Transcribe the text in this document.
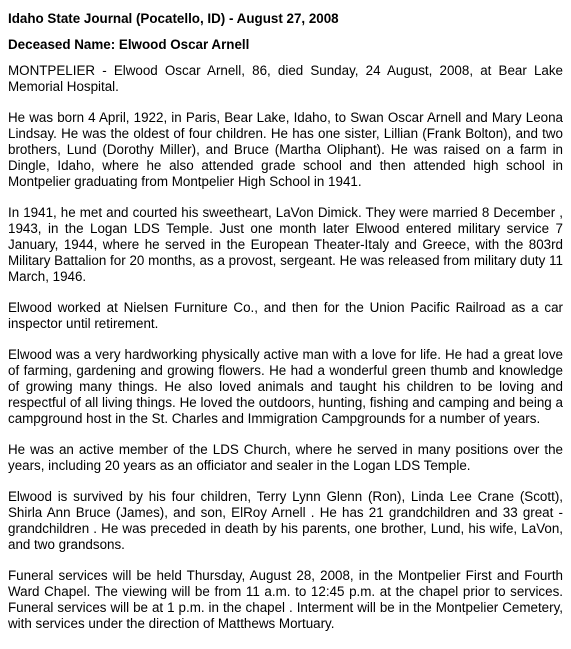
Idaho State Journal (Pocatello, ID) - August 27, 2008
Deceased Name: Elwood Oscar Arnell
MONTPELIER - Elwood Oscar Arnell, 86, died Sunday, 24 August, 2008, at Bear Lake Memorial Hospital.
He was born 4 April, 1922, in Paris, Bear Lake, Idaho, to Swan Oscar Arnell and Mary Leona Lindsay. He was the oldest of four children. He has one sister, Lillian (Frank Bolton), and two brothers, Lund (Dorothy Miller), and Bruce (Martha Oliphant). He was raised on a farm in Dingle, Idaho, where he also attended grade school and then attended high school in Montpelier graduating from Montpelier High School in 1941.
In 1941, he met and courted his sweetheart, LaVon Dimick. They were married 8 December , 1943, in the Logan LDS Temple. Just one month later Elwood entered military service 7 January, 1944, where he served in the European Theater-Italy and Greece, with the 803rd Military Battalion for 20 months, as a provost, sergeant. He was released from military duty 11 March, 1946.
Elwood worked at Nielsen Furniture Co., and then for the Union Pacific Railroad as a car inspector until retirement.
Elwood was a very hardworking physically active man with a love for life. He had a great love of farming, gardening and growing flowers. He had a wonderful green thumb and knowledge of growing many things. He also loved animals and taught his children to be loving and respectful of all living things. He loved the outdoors, hunting, fishing and camping and being a campground host in the St. Charles and Immigration Campgrounds for a number of years.
He was an active member of the LDS Church, where he served in many positions over the years, including 20 years as an officiator and sealer in the Logan LDS Temple.
Elwood is survived by his four children, Terry Lynn Glenn (Ron), Linda Lee Crane (Scott), Shirla Ann Bruce (James), and son, ElRoy Arnell . He has 21 grandchildren and 33 great -grandchildren . He was preceded in death by his parents, one brother, Lund, his wife, LaVon, and two grandsons.
Funeral services will be held Thursday, August 28, 2008, in the Montpelier First and Fourth Ward Chapel. The viewing will be from 11 a.m. to 12:45 p.m. at the chapel prior to services. Funeral services will be at 1 p.m. in the chapel . Interment will be in the Montpelier Cemetery, with services under the direction of Matthews Mortuary.
